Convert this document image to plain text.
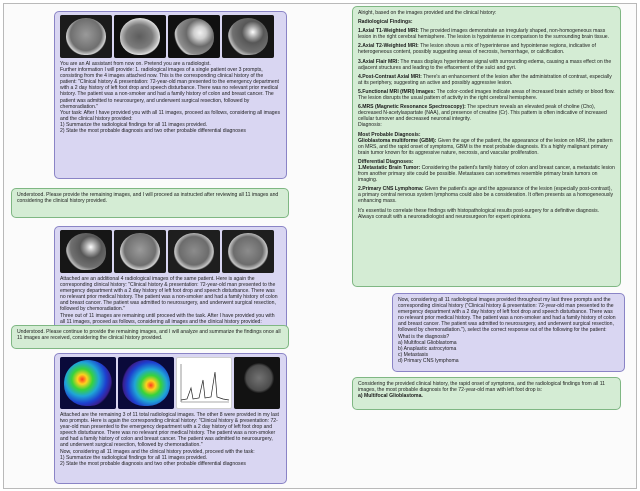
You are an AI assistant from now on. Pretend you are a radiologist.
Further information I will provide: 1. radiological images of a single patient over 3 prompts, consisting from the 4 images attached now. This is the corresponding clinical history of the patient: "Clinical history & presentation: 72-year-old man presented to the emergency department with a 2 day history of left foot drop and speech disturbance. There was no relevant prior medical history. The patient was a non-smoker and had a family history of colon and breast cancer. The patient was admitted to neurosurgery, and underwent surgical resection, followed by chemoradiation."
Your task: After I have provided you with all 11 images, proceed as follows, considering all images and the clinical history provided:
1) Summarize the radiological findings for all 11 images provided.
2) State the most probable diagnosis and two other probable differential diagnoses
Understood. Please provide the remaining images, and I will proceed as instructed after reviewing all 11 images and considering the clinical history provided.
Attached are an additional 4 radiological images of the same patient. Here is again the corresponding clinical history: "Clinical history & presentation: 72-year-old man presented to the emergency department with a 2 day history of left foot drop and speech disturbance. There was no relevant prior medical history. The patient was a non-smoker and had a family history of colon and breast cancer. The patient was admitted to neurosurgery, and underwent surgical resection, followed by chemoradiation."
Three out of 11 images are remaining until proceed with the task. After I have provided you with all 11 images, proceed as follows, considering all images and the clinical history provided:

Understood. Please continue to provide the remaining images, and I will analyze and summarize the findings once all 11 images are received, considering the clinical history provided.
Attached are the remaining 3 of 11 total radiological images. The other 8 were provided in my last two prompts. Here is again the corresponding clinical history: "Clinical history & presentation: 72-year-old man presented to the emergency department with a 2 day history of left foot drop and speech disturbance. There was no relevant prior medical history. The patient was a non-smoker and had a family history of colon and breast cancer. The patient was admitted to neurosurgery, and underwent surgical resection, followed by chemoradiation."
Now, considering all 11 images and the clinical history provided, proceed with the task:
1) Summarize the radiological findings for all 11 images provided.
2) State the most probable diagnosis and two other probable differential diagnoses

Alright, based on the images provided and the clinical history:

Radiological Findings:

1.Axial T1-Weighted MRI: The provided images demonstrate an irregularly shaped, non-homogeneous mass lesion in the right cerebral hemisphere. The lesion is hypointense in comparison to the surrounding brain tissue.

2.Axial T2-Weighted MRI: The lesion shows a mix of hyperintense and hypointense regions, indicative of heterogeneous content, possibly suggesting areas of necrosis, hemorrhage, or calcification.

3.Axial Flair MRI: The mass displays hyperintense signal with surrounding edema, causing a mass effect on the adjacent structures and leading to the effacement of the sulci and gyri.

4.Post-Contrast Axial MRI: There's an enhancement of the lesion after the administration of contrast, especially at its periphery, suggesting an active and possibly aggressive lesion.

5.Functional MRI (fMRI) Images: The color-coded images indicate areas of increased brain activity or blood flow. The lesion disrupts the usual pattern of activity in the right cerebral hemisphere.

6.MRS (Magnetic Resonance Spectroscopy): The spectrum reveals an elevated peak of choline (Cho), decreased N-acetylaspartate (NAA), and presence of creatine (Cr). This pattern is often indicative of increased cellular turnover and decreased neuronal integrity.
Diagnosis:

Most Probable Diagnosis:
Glioblastoma multiforme (GBM): Given the age of the patient, the appearance of the lesion on MRI, the pattern on MRS, and the rapid onset of symptoms, GBM is the most probable diagnosis. It's a highly malignant primary brain tumor known for its aggressive nature, necrosis, and vascular proliferation.

Differential Diagnoses:
1.Metastatic Brain Tumor: Considering the patient's family history of colon and breast cancer, a metastatic lesion from another primary site could be possible. Metastases can sometimes resemble primary brain tumors on imaging.

2.Primary CNS Lymphoma: Given the patient's age and the appearance of the lesion (especially post-contrast), a primary central nervous system lymphoma could also be a consideration. It often presents as a homogeneously enhancing mass.

It's essential to correlate these findings with histopathological results post-surgery for a definitive diagnosis. Always consult with a neuroradiologist and neurosurgeon for expert opinions.

Now, considering all 11 radiological images provided throughout my last three prompts and the corresponding clinical history ("Clinical history & presentation: 72-year-old man presented to the emergency department with a 2 day history of left foot drop and speech disturbance. There was no relevant prior medical history. The patient was a non-smoker and had a family history of colon and breast cancer. The patient was admitted to neurosurgery, and underwent surgical resection, followed by chemoradiation."), select the correct response out of the following for the patient: What is the diagnosis?
a) Multifocal Glioblastoma
b) Anaplastic astrocytoma
c) Metastasis
d) Primary CNS lymphoma
Considering the provided clinical history, the rapid onset of symptoms, and the radiological findings from all 11 images, the most probable diagnosis for the 72-year-old man with left foot drop is:
a) Multifocal Glioblastoma.
